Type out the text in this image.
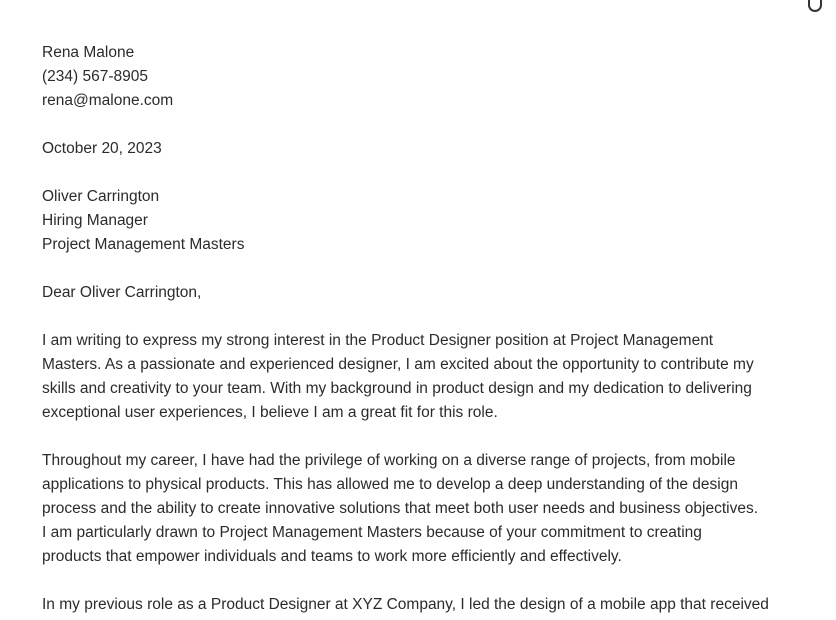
Rena Malone
(234) 567-8905
rena@malone.com
October 20, 2023
Oliver Carrington
Hiring Manager
Project Management Masters
Dear Oliver Carrington,
I am writing to express my strong interest in the Product Designer position at Project Management
Masters. As a passionate and experienced designer, I am excited about the opportunity to contribute my
skills and creativity to your team. With my background in product design and my dedication to delivering
exceptional user experiences, I believe I am a great fit for this role.
Throughout my career, I have had the privilege of working on a diverse range of projects, from mobile
applications to physical products. This has allowed me to develop a deep understanding of the design
process and the ability to create innovative solutions that meet both user needs and business objectives.
I am particularly drawn to Project Management Masters because of your commitment to creating
products that empower individuals and teams to work more efficiently and effectively.
In my previous role as a Product Designer at XYZ Company, I led the design of a mobile app that received
